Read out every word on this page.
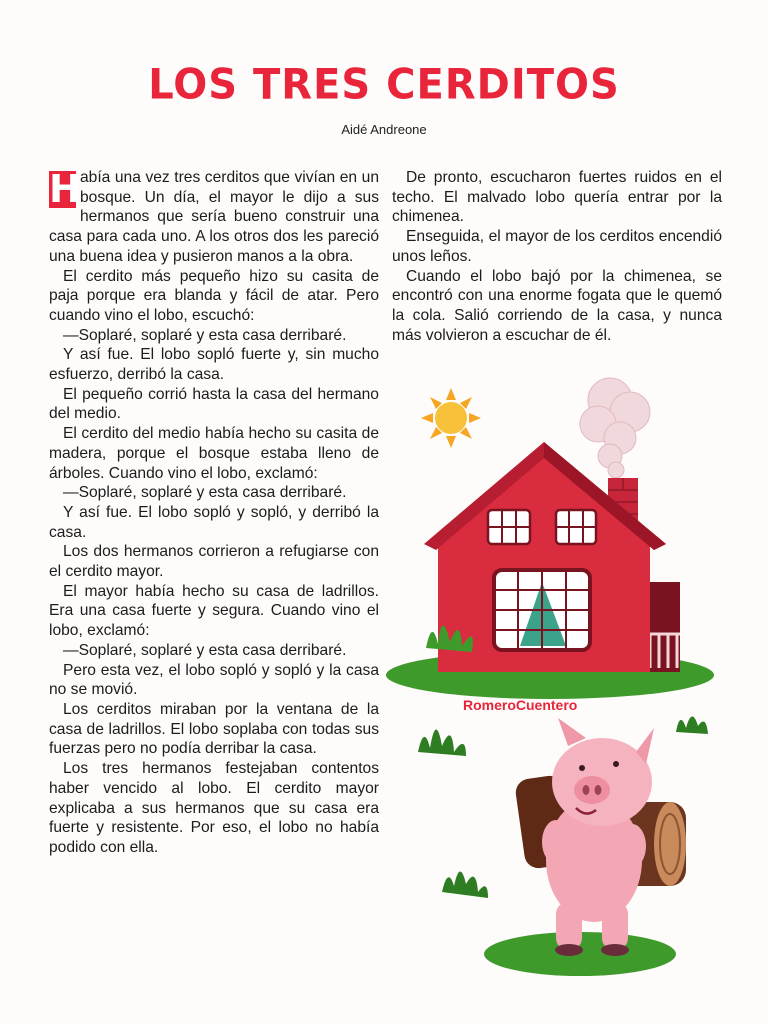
LOS TRES CERDITOS
Aidé Andreone

H abía una vez tres cerditos que vivían en un bosque. Un día, el mayor le dijo a sus hermanos que sería bueno construir una casa para cada uno. A los otros dos les pareció una buena idea y pusieron manos a la obra.

El cerdito más pequeño hizo su casita de paja porque era blanda y fácil de atar. Pero cuando vino el lobo, escuchó:

—Soplaré, soplaré y esta casa derribaré.

Y así fue. El lobo sopló fuerte y, sin mucho esfuerzo, derribó la casa.

El pequeño corrió hasta la casa del hermano del medio.

El cerdito del medio había hecho su casita de madera, porque el bosque estaba lleno de árboles. Cuando vino el lobo, exclamó:

—Soplaré, soplaré y esta casa derribaré.

Y así fue. El lobo sopló y sopló, y derribó la casa.

Los dos hermanos corrieron a refugiarse con el cerdito mayor.

El mayor había hecho su casa de ladrillos. Era una casa fuerte y segura. Cuando vino el lobo, exclamó:

—Soplaré, soplaré y esta casa derribaré.

Pero esta vez, el lobo sopló y sopló y la casa no se movió.

Los cerditos miraban por la ventana de la casa de ladrillos. El lobo soplaba con todas sus fuerzas pero no podía derribar la casa.

Los tres hermanos festejaban contentos haber vencido al lobo. El cerdito mayor explicaba a sus hermanos que su casa era fuerte y resistente. Por eso, el lobo no había podido con ella.

De pronto, escucharon fuertes ruidos en el techo. El malvado lobo quería entrar por la chimenea.

Enseguida, el mayor de los cerditos encendió unos leños.

Cuando el lobo bajó por la chimenea, se encontró con una enorme fogata que le quemó la cola. Salió corriendo de la casa, y nunca más volvieron a escuchar de él.

RomeroCuentero
